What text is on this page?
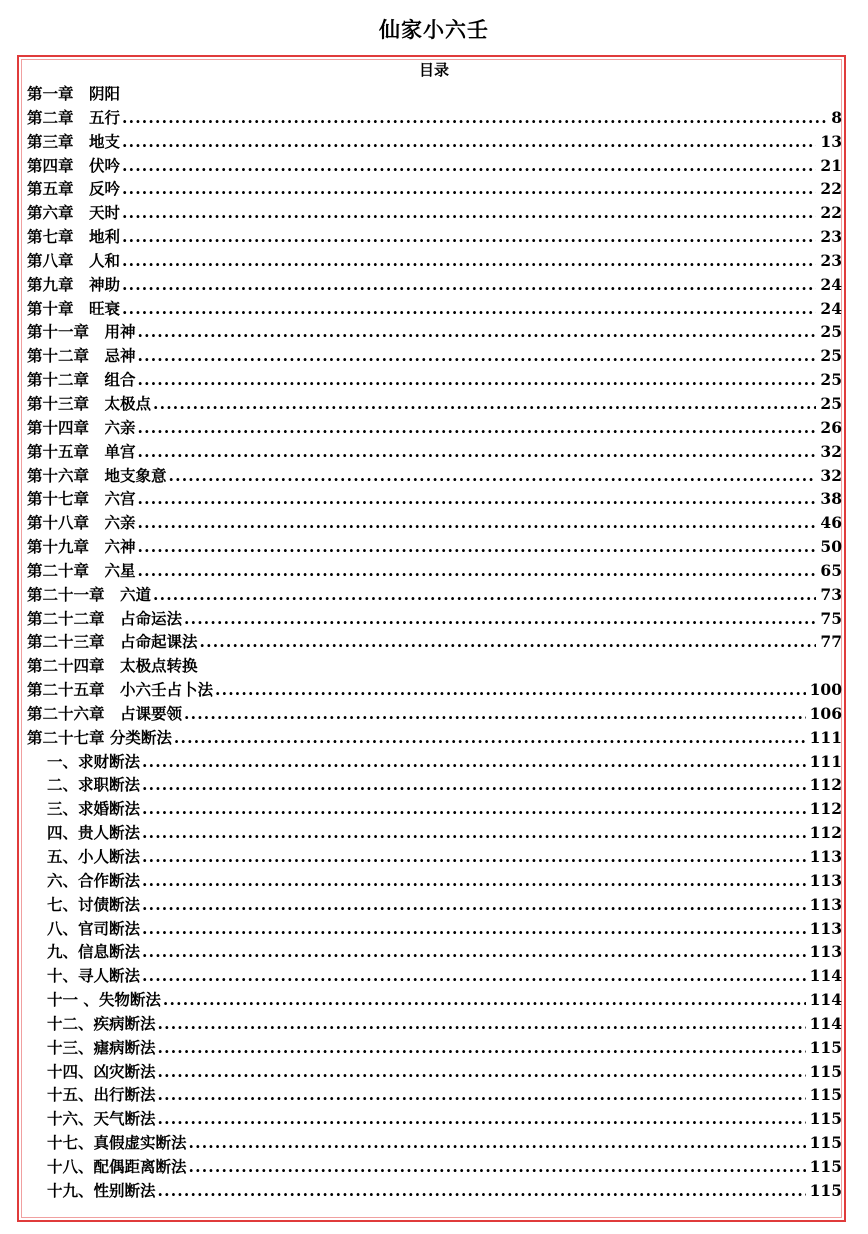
仙家小六壬
目录
第一章　阴阳
第二章　五行 .....	8
第三章　地支 .....	13
第四章　伏吟 .....	21
第五章　反吟 .....	22
第六章　天时 .....	22
第七章　地利 .....	23
第八章　人和 .....	23
第九章　神助 .....	24
第十章　旺衰 .....	24
第十一章　用神 .....	25
第十二章　忌神 .....	25
第十二章　组合 .....	25
第十三章　太极点 .....	25
第十四章　六亲 .....	26
第十五章　单宫 .....	32
第十六章　地支象意 .....	32
第十七章　六宫 .....	38
第十八章　六亲 .....	46
第十九章　六神 .....	50
第二十章　六星 .....	65
第二十一章　六道 .....	73
第二十二章　占命运法 .....	75
第二十三章　占命起课法 .....	77
第二十四章　太极点转换
第二十五章　小六壬占卜法 .....	100
第二十六章　占课要领 .....	106
第二十七章 分类断法 .....	111
一、求财断法 .....	111
二、求职断法 .....	112
三、求婚断法 .....	112
四、贵人断法 .....	112
五、小人断法 .....	113
六、合作断法 .....	113
七、讨债断法 .....	113
八、官司断法 .....	113
九、信息断法 .....	113
十、寻人断法 .....	114
十一 、失物断法 .....	114
十二、疾病断法 .....	114
十三、瘧病断法 .....	115
十四、凶灾断法 .....	115
十五、出行断法 .....	115
十六、天气断法 .....	115
十七、真假虚实断法 .....	115
十八、配偶距离断法 .....	115
十九、性别断法 .....	115
